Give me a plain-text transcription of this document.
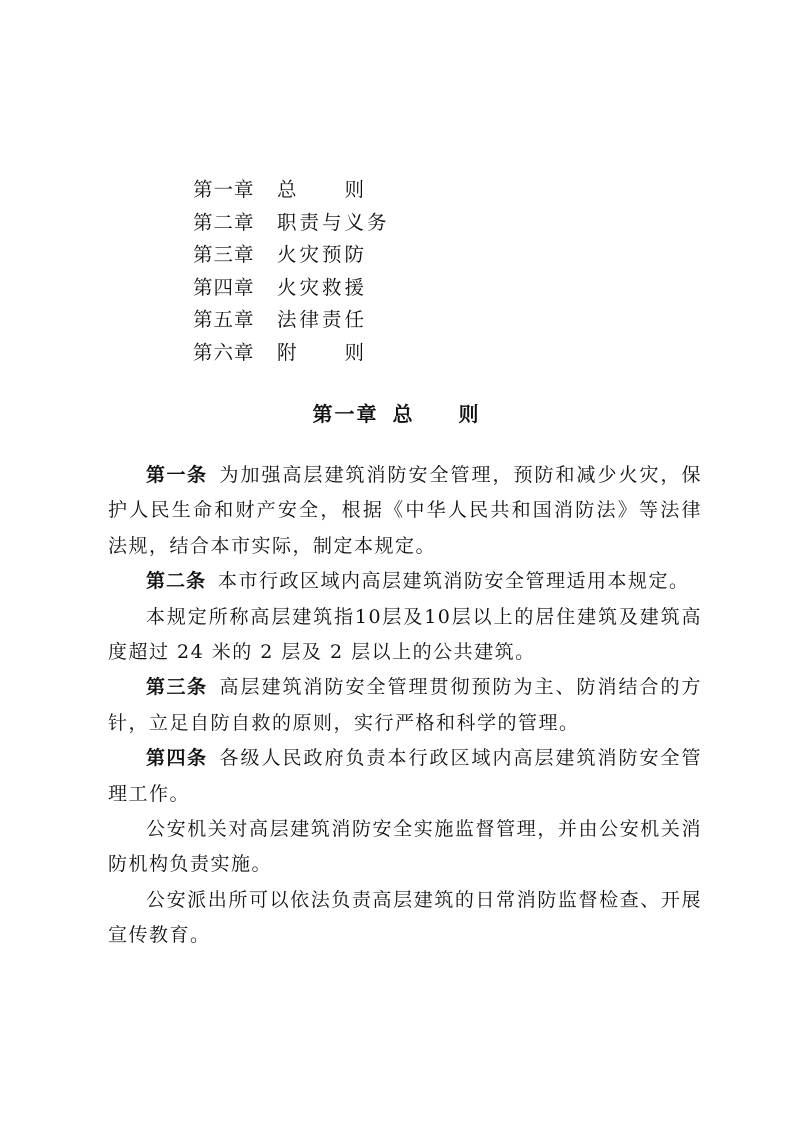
第一章 总　　则
第二章 职责与义务
第三章 火灾预防
第四章 火灾救援
第五章 法律责任
第六章 附　　则
第一章 总　　则

第一条 为加强高层建筑消防安全管理，预防和减少火灾，保护人民生命和财产安全，根据《中华人民共和国消防法》等法律法规，结合本市实际，制定本规定。

第二条 本市行政区域内高层建筑消防安全管理适用本规定。

本规定所称高层建筑指10层及10层以上的居住建筑及建筑高度超过 24 米的 2 层及 2 层以上的公共建筑。

第三条 高层建筑消防安全管理贯彻预防为主、防消结合的方针，立足自防自救的原则，实行严格和科学的管理。

第四条 各级人民政府负责本行政区域内高层建筑消防安全管理工作。

公安机关对高层建筑消防安全实施监督管理，并由公安机关消防机构负责实施。

公安派出所可以依法负责高层建筑的日常消防监督检查、开展宣传教育。
